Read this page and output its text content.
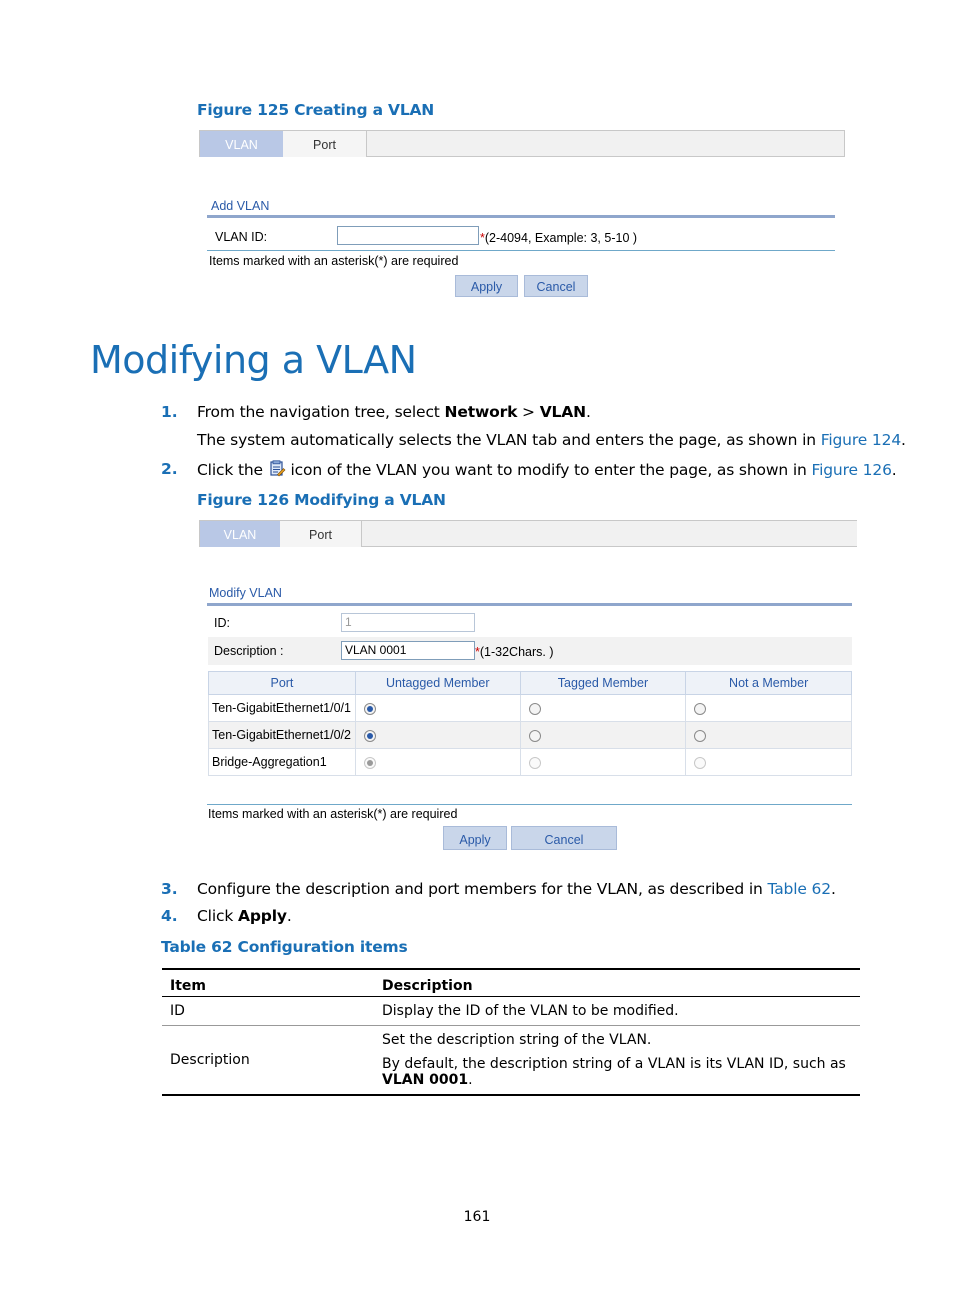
Figure 125 Creating a VLAN
VLAN	Port
Add VLAN
VLAN ID:	*(2-4094, Example: 3, 5-10 )
Items marked with an asterisk(*) are required
Apply	Cancel
Modifying a VLAN
1. From the navigation tree, select Network > VLAN.
The system automatically selects the VLAN tab and enters the page, as shown in Figure 124.
2. Click the  icon of the VLAN you want to modify to enter the page, as shown in Figure 126.
Figure 126 Modifying a VLAN
VLAN	Port
Modify VLAN
ID:	1
Description :	VLAN 0001	*(1-32Chars. )
Port	Untagged Member	Tagged Member	Not a Member
Ten-GigabitEthernet1/0/1			
Ten-GigabitEthernet1/0/2			
Bridge-Aggregation1			
Items marked with an asterisk(*) are required
Apply	Cancel
3. Configure the description and port members for the VLAN, as described in Table 62.
4. Click Apply.
Table 62 Configuration items
Item	Description
ID	Display the ID of the VLAN to be modified.
Description	Set the description string of the VLAN.
By default, the description string of a VLAN is its VLAN ID, such as VLAN 0001.
161
